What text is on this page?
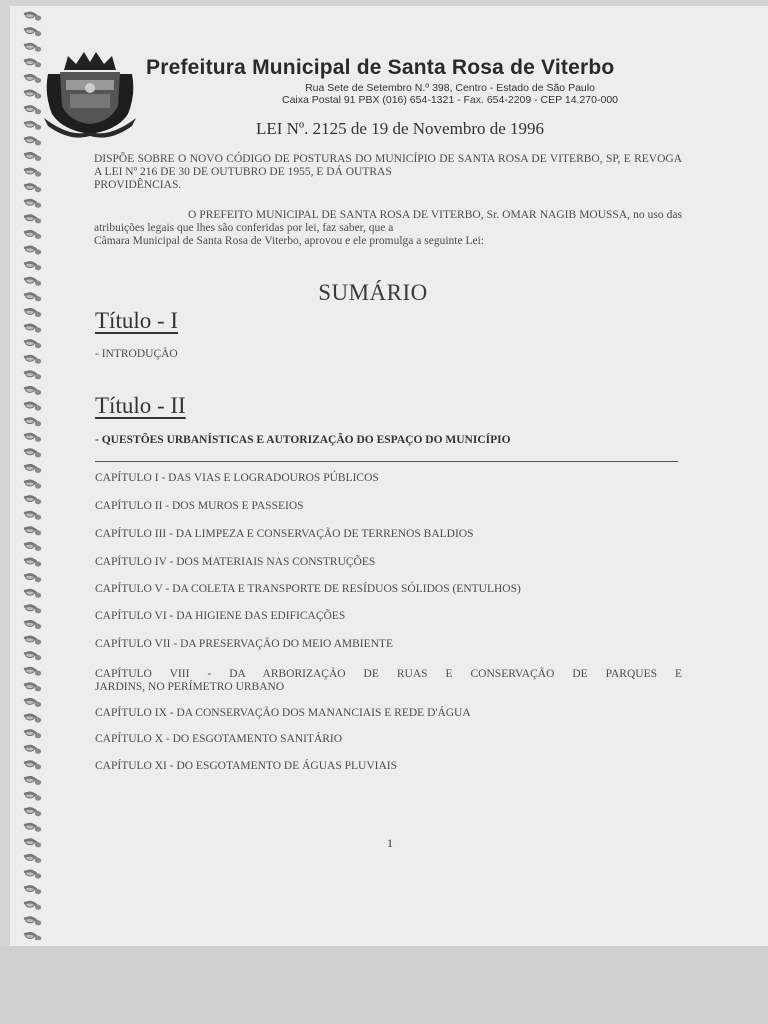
Prefeitura Municipal de Santa Rosa de Viterbo
Rua Sete de Setembro N.º 398, Centro - Estado de São Paulo
Caixa Postal 91 PBX (016) 654-1321 - Fax. 654-2209 - CEP 14.270-000
LEI Nº. 2125 de 19 de Novembro de 1996
DISPÕE SOBRE O NOVO CÓDIGO DE POSTURAS DO MUNICÍPIO DE SANTA ROSA DE VITERBO, SP, E REVOGA A LEI Nº 216 DE 30 DE OUTUBRO DE 1955, E DÁ OUTRAS
PROVIDÊNCIAS.
O PREFEITO MUNICIPAL DE SANTA ROSA DE VITERBO, Sr. OMAR NAGIB MOUSSA, no uso das atribuições legais que lhes são conferidas por lei, faz saber, que a
Câmara Municipal de Santa Rosa de Viterbo, aprovou e ele promulga a seguinte Lei:
SUMÁRIO
Título - I
- INTRODUÇÃO
Título - II
- QUESTÕES URBANÍSTICAS E AUTORIZAÇÃO DO ESPAÇO DO MUNICÍPIO
CAPÍTULO I - DAS VIAS E LOGRADOUROS PÚBLICOS
CAPÍTULO II - DOS MUROS E PASSEIOS
CAPÍTULO III - DA LIMPEZA E CONSERVAÇÃO DE TERRENOS BALDIOS
CAPÍTULO IV - DOS MATERIAIS NAS CONSTRUÇÕES
CAPÍTULO V - DA COLETA E TRANSPORTE DE RESÍDUOS SÓLIDOS (ENTULHOS)
CAPÍTULO VI - DA HIGIENE DAS EDIFICAÇÕES
CAPÍTULO VII - DA PRESERVAÇÃO DO MEIO AMBIENTE
CAPÍTULO VIII - DA ARBORIZAÇÃO DE RUAS E CONSERVAÇÃO DE PARQUES E
JARDINS, NO PERÍMETRO URBANO
CAPÍTULO IX - DA CONSERVAÇÃO DOS MANANCIAIS E REDE D'ÁGUA
CAPÍTULO X - DO ESGOTAMENTO SANITÁRIO
CAPÍTULO XI - DO ESGOTAMENTO DE ÁGUAS PLUVIAIS
1
